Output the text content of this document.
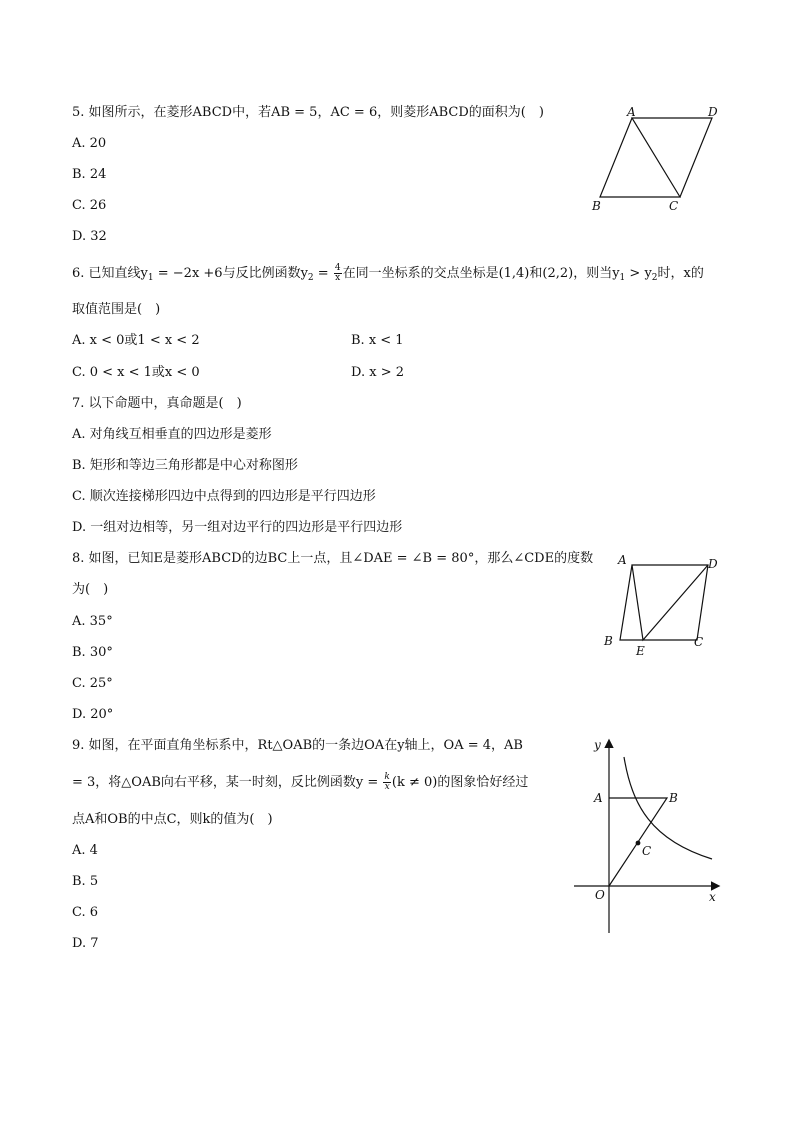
5. 如图所示，在菱形ABCD中，若AB = 5，AC = 6，则菱形ABCD的面积为(　)
A. 20
B. 24
C. 26
D. 32
A	D
B	C
6. 已知直线$y_1 = -2x +6$与反比例函数$y_2 = \frac{4}{x}$ 在同一坐标系的交点坐标是(1,4)和(2,2)，则当$y_1 > y_2$时，x的
取值范围是(　)
A. x < 0或1 < x < 2	B. x < 1
C. 0 < x < 1或x < 0	D. x > 2
7. 以下命题中，真命题是(　)
A. 对角线互相垂直的四边形是菱形
B. 矩形和等边三角形都是中心对称图形
C. 顺次连接梯形四边中点得到的四边形是平行四边形
D. 一组对边相等，另一组对边平行的四边形是平行四边形
8. 如图，已知E是菱形ABCD的边BC上一点，且∠DAE = ∠B = 80°，那么∠CDE的度数
为(　)
A. 35°
B. 30°
C. 25°
D. 20°
A	D
B
E
C
9. 如图，在平面直角坐标系中，Rt△OAB的一条边OA在y轴上，OA = 4，AB
= 3，将△OAB向右平移，某一时刻，反比例函数$y = \frac{k}{x} (k \ne 0)$的图象恰好经过
点A和OB的中点C，则k的值为(　)
A. 4
B. 5
C. 6
D. 7
y
x
A	B
C
O
